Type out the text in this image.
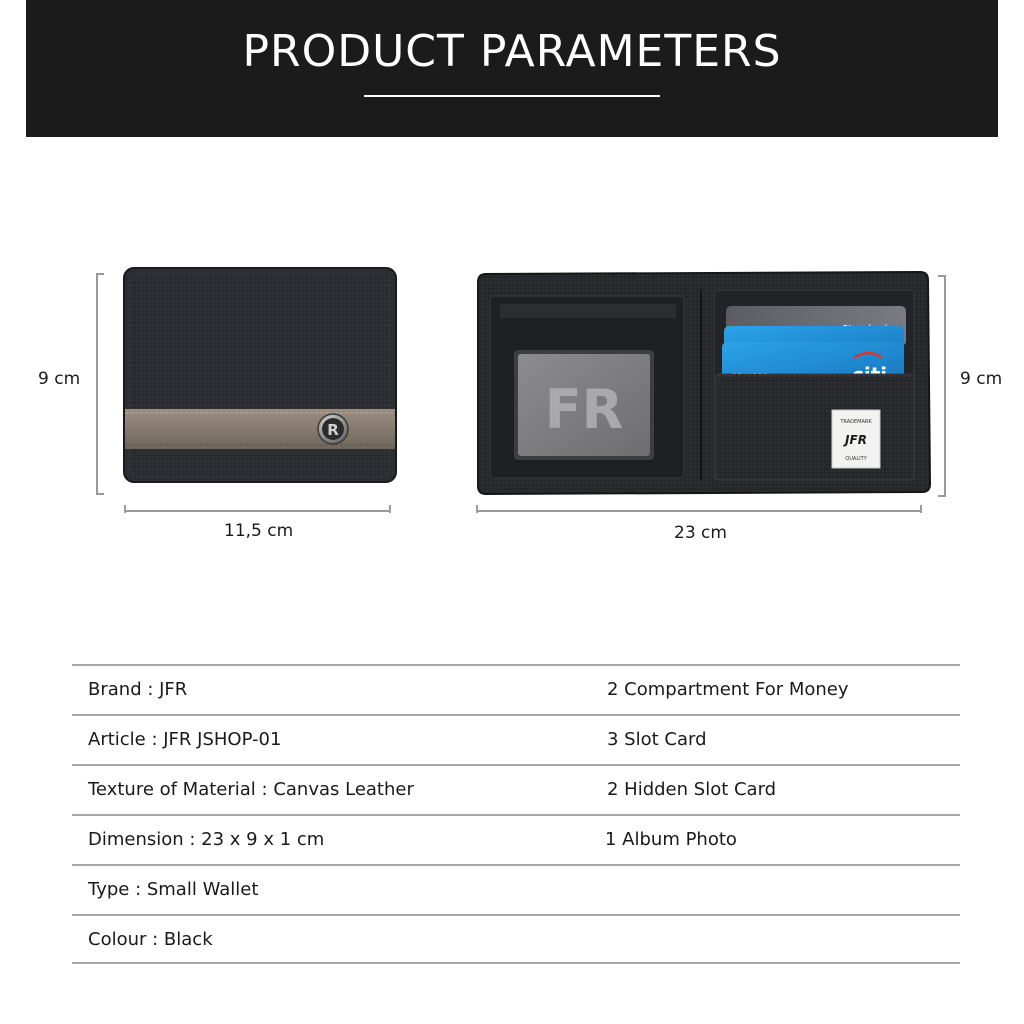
PRODUCT PARAMETERS
9 cm
11,5 cm
R
9 cm
23 cm
FR	TRADEMARK
JFR
QUALITY
Brand : JFR	2 Compartment For Money
Article : JFR JSHOP-01	3 Slot Card
Texture of Material : Canvas Leather	2 Hidden Slot Card
Dimension : 23 x 9 x 1 cm	1 Album Photo
Type : Small Wallet
Colour : Black
